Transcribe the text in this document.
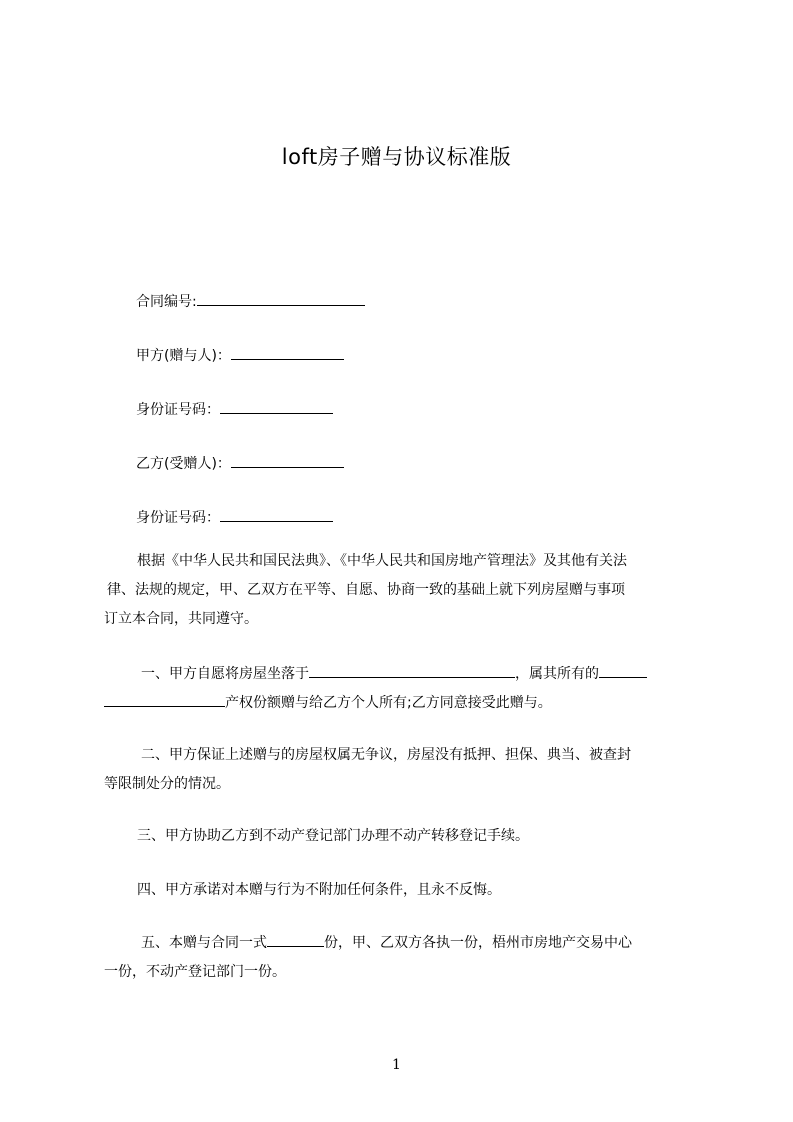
loft房子赠与协议标准版
合同编号:
甲方(赠与人)：
身份证号码：
乙方(受赠人)：
身份证号码：
根据《中华人民共和国民法典》、《中华人民共和国房地产管理法》及其他有关法
律、法规的规定，甲、乙双方在平等、自愿、协商一致的基础上就下列房屋赠与事项
订立本合同，共同遵守。
一、甲方自愿将房屋坐落于	，属其所有的
产权份额赠与给乙方个人所有;乙方同意接受此赠与。
二、甲方保证上述赠与的房屋权属无争议，房屋没有抵押、担保、典当、被查封
等限制处分的情况。
三、甲方协助乙方到不动产登记部门办理不动产转移登记手续。
四、甲方承诺对本赠与行为不附加任何条件，且永不反悔。
五、本赠与合同一式	份，甲、乙双方各执一份，梧州市房地产交易中心
一份，不动产登记部门一份。
1
